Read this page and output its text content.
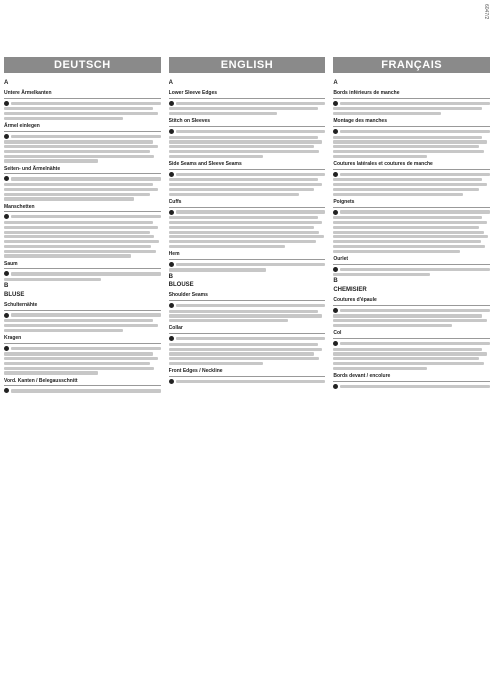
6047/2
DEUTSCH	ENGLISH	FRANÇAIS
A
Untere Ärmelkanten
Ärmel einlegen
Seiten- und Ärmelnähte
Manschetten
Saum
B
BLUSE
Schulternähte
Kragen
Vord. Kanten / Belegausschnitt
A
Lower Sleeve Edges
Stitch on Sleeves
Side Seams and Sleeve Seams
Cuffs
Hem
B
BLOUSE
Shoulder Seams
Collar
Front Edges / Neckline
A
Bords inférieurs de manche
Montage des manches
Coutures latérales et coutures de manche
Poignets
Ourlet
B
CHEMISIER
Coutures d'épaule
Col
Bords devant / encolure
